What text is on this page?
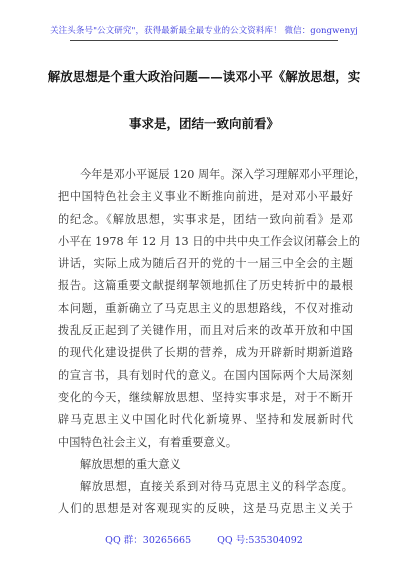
关注头条号"公文研究"，获得最新最全最专业的公文资料库！ 微信：gongwenyj
解放思想是个重大政治问题——读邓小平《解放思想，实
事求是，团结一致向前看》
今年是邓小平诞辰 120 周年。深入学习理解邓小平理论，
把中国特色社会主义事业不断推向前进，是对邓小平最好
的纪念。《解放思想，实事求是，团结一致向前看》是邓
小平在 1978 年 12 月 13 日的中共中央工作会议闭幕会上的
讲话，实际上成为随后召开的党的十一届三中全会的主题
报告。这篇重要文献提纲挈领地抓住了历史转折中的最根
本问题，重新确立了马克思主义的思想路线，不仅对推动
拨乱反正起到了关键作用，而且对后来的改革开放和中国
的现代化建设提供了长期的营养，成为开辟新时期新道路
的宣言书，具有划时代的意义。在国内国际两个大局深刻
变化的今天，继续解放思想、坚持实事求是，对于不断开
辟马克思主义中国化时代化新境界、坚持和发展新时代
中国特色社会主义，有着重要意义。
解放思想的重大意义
解放思想，直接关系到对待马克思主义的科学态度。
人们的思想是对客观现实的反映，这是马克思主义关于
QQ 群：30265665	QQ 号:535304092
